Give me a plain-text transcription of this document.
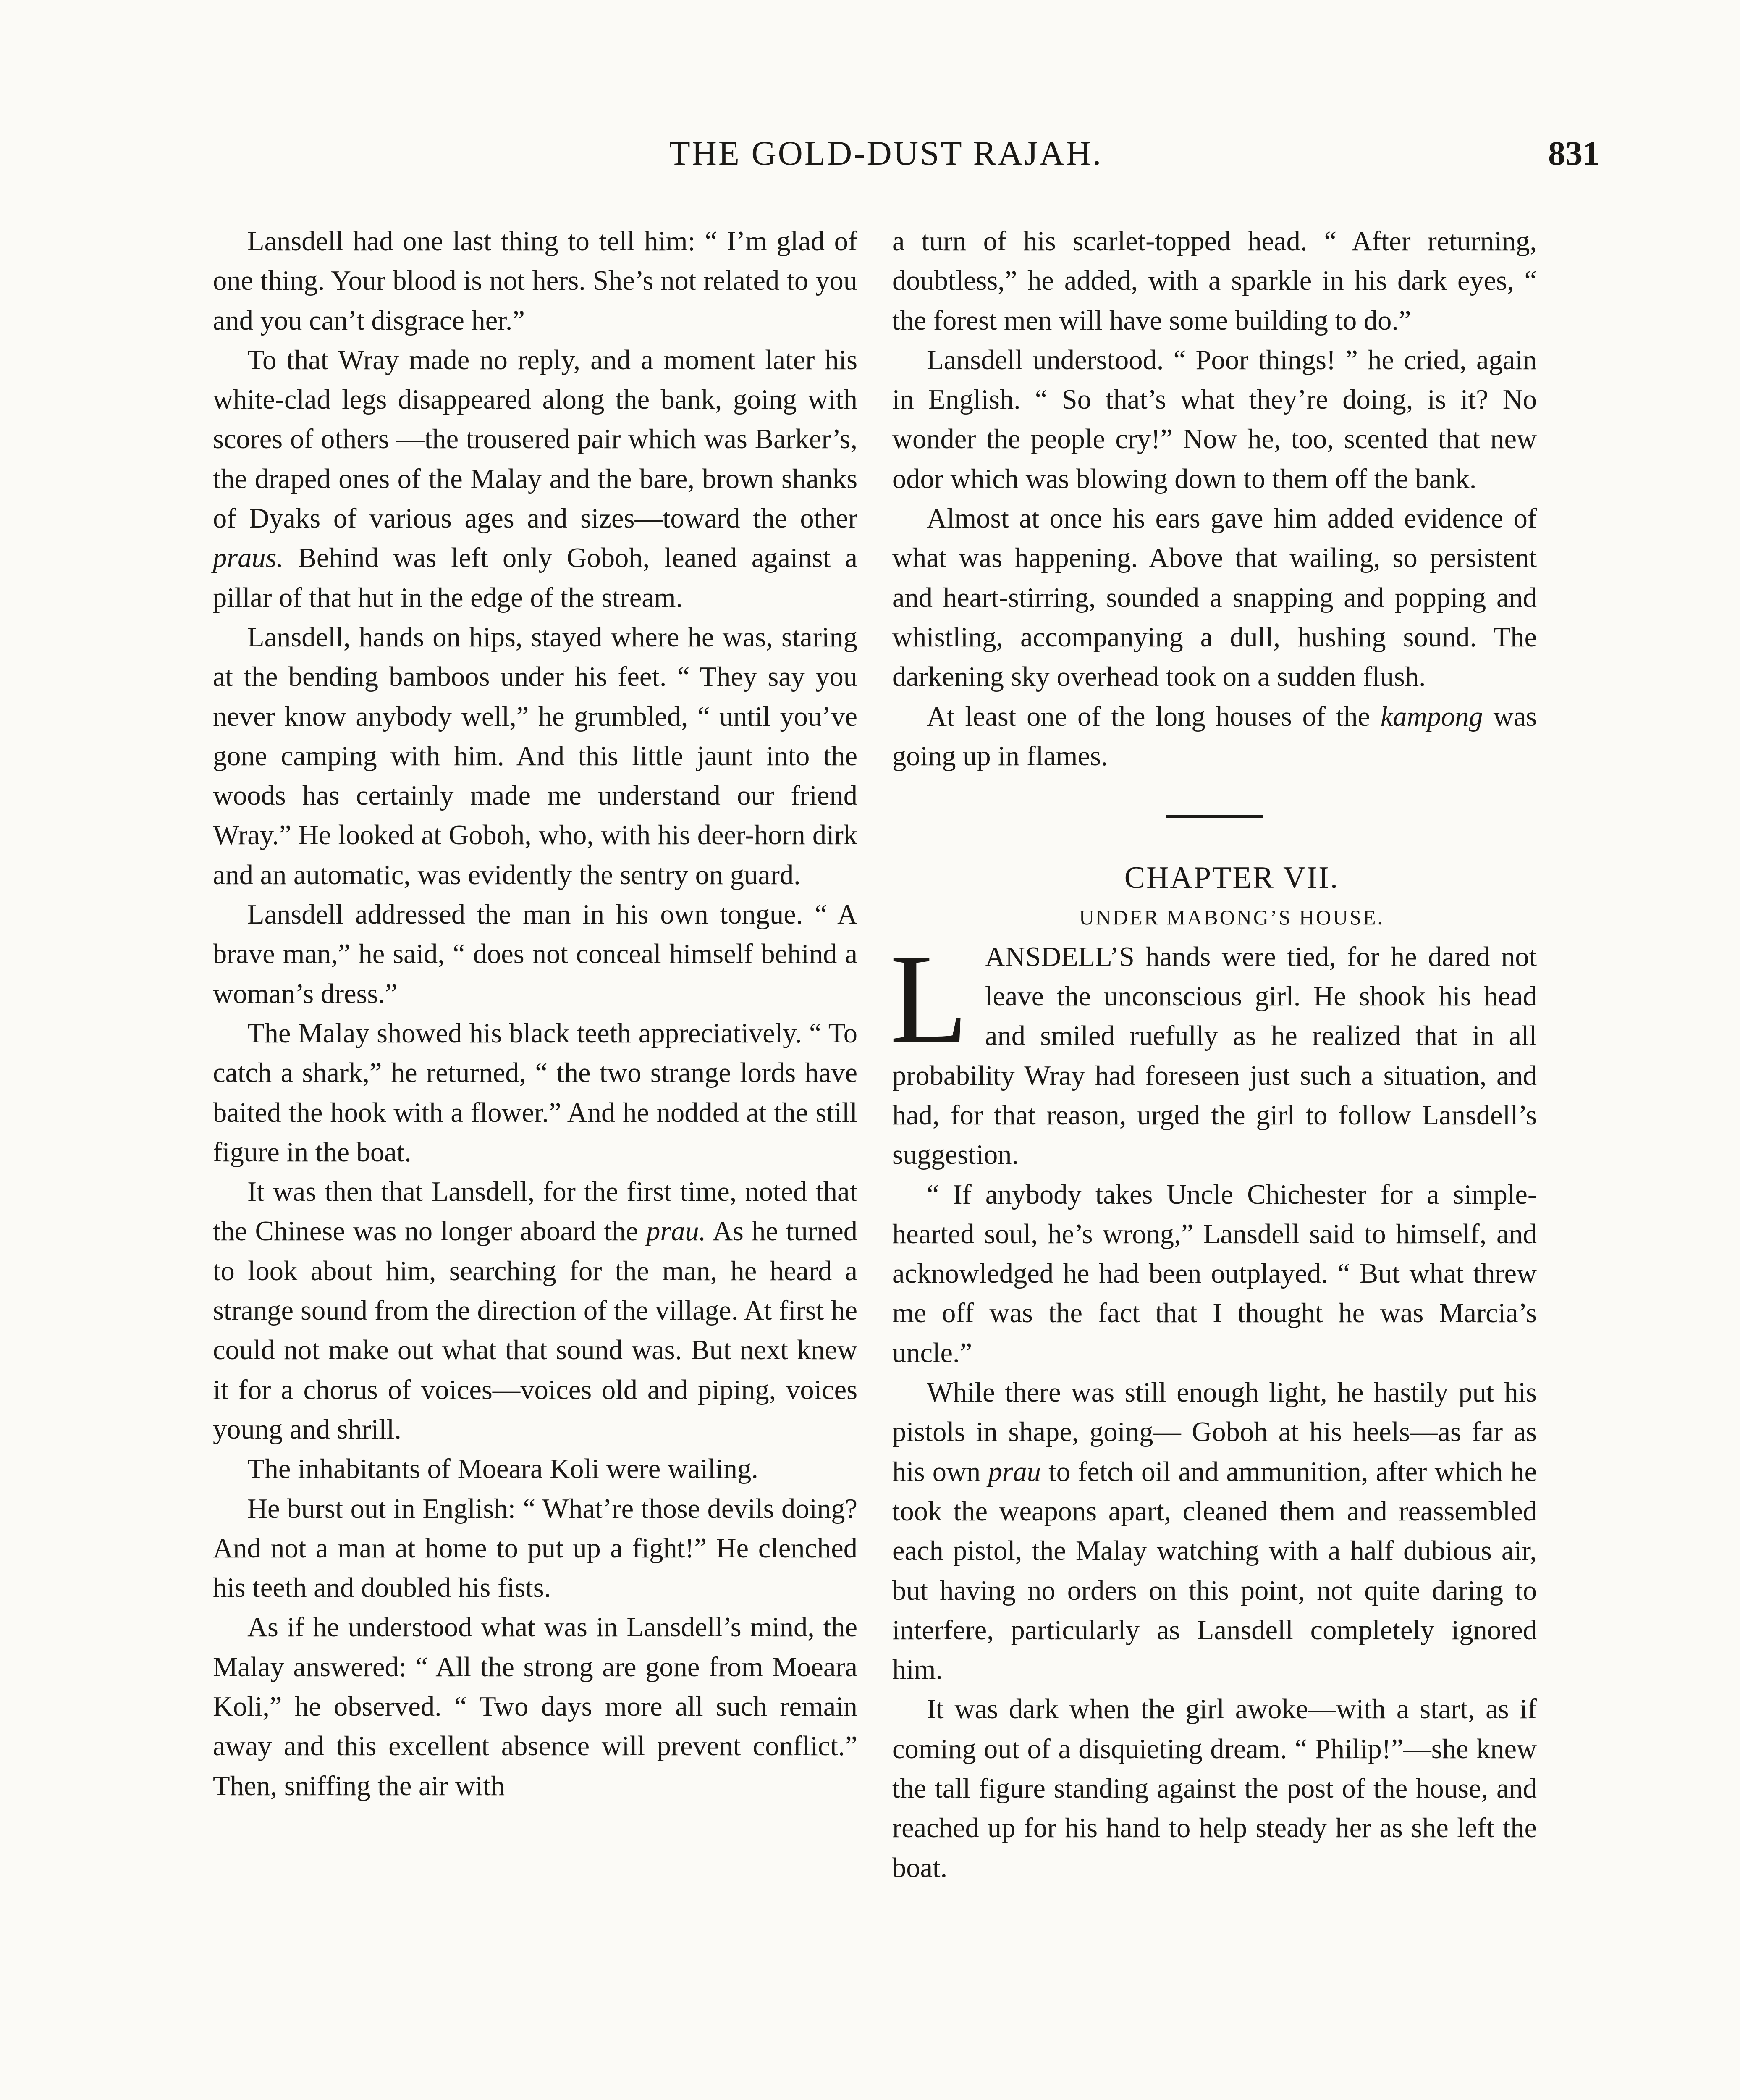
THE GOLD-DUST RAJAH.	831

Lansdell had one last thing to tell him: “ I’m glad of one thing. Your blood is not hers. She’s not related to you and you can’t disgrace her.”

To that Wray made no reply, and a moment later his white-clad legs disappeared along the bank, going with scores of others —the trousered pair which was Barker’s, the draped ones of the Malay and the bare, brown shanks of Dyaks of various ages and sizes—toward the other praus. Behind was left only Goboh, leaned against a pillar of that hut in the edge of the stream.

Lansdell, hands on hips, stayed where he was, staring at the bending bamboos under his feet. “ They say you never know anybody well,” he grumbled, “ until you’ve gone camping with him. And this little jaunt into the woods has certainly made me understand our friend Wray.” He looked at Goboh, who, with his deer-horn dirk and an automatic, was evidently the sentry on guard.

Lansdell addressed the man in his own tongue. “ A brave man,” he said, “ does not conceal himself behind a woman’s dress.”

The Malay showed his black teeth appreciatively. “ To catch a shark,” he returned, “ the two strange lords have baited the hook with a flower.” And he nodded at the still figure in the boat.

It was then that Lansdell, for the first time, noted that the Chinese was no longer aboard the prau. As he turned to look about him, searching for the man, he heard a strange sound from the direction of the village. At first he could not make out what that sound was. But next knew it for a chorus of voices—voices old and piping, voices young and shrill.

The inhabitants of Moeara Koli were wailing.

He burst out in English: “ What’re those devils doing? And not a man at home to put up a fight!” He clenched his teeth and doubled his fists.

As if he understood what was in Lansdell’s mind, the Malay answered: “ All the strong are gone from Moeara Koli,” he observed. “ Two days more all such remain away and this excellent absence will prevent conflict.” Then, sniffing the air with

a turn of his scarlet-topped head. “ After returning, doubtless,” he added, with a sparkle in his dark eyes, “ the forest men will have some building to do.”

Lansdell understood. “ Poor things! ” he cried, again in English. “ So that’s what they’re doing, is it? No wonder the people cry!” Now he, too, scented that new odor which was blowing down to them off the bank.

Almost at once his ears gave him added evidence of what was happening. Above that wailing, so persistent and heart-stirring, sounded a snapping and popping and whistling, accompanying a dull, hushing sound. The darkening sky overhead took on a sudden flush.

At least one of the long houses of the kampong was going up in flames.

CHAPTER VII.

UNDER MABONG’S HOUSE.

LANSDELL’S hands were tied, for he dared not leave the unconscious girl. He shook his head and smiled ruefully as he realized that in all probability Wray had foreseen just such a situation, and had, for that reason, urged the girl to follow Lansdell’s suggestion.

“ If anybody takes Uncle Chichester for a simple-hearted soul, he’s wrong,” Lansdell said to himself, and acknowledged he had been outplayed. “ But what threw me off was the fact that I thought he was Marcia’s uncle.”

While there was still enough light, he hastily put his pistols in shape, going— Goboh at his heels—as far as his own prau to fetch oil and ammunition, after which he took the weapons apart, cleaned them and reassembled each pistol, the Malay watching with a half dubious air, but having no orders on this point, not quite daring to interfere, particularly as Lansdell completely ignored him.

It was dark when the girl awoke—with a start, as if coming out of a disquieting dream. “ Philip!”—she knew the tall figure standing against the post of the house, and reached up for his hand to help steady her as she left the boat.
